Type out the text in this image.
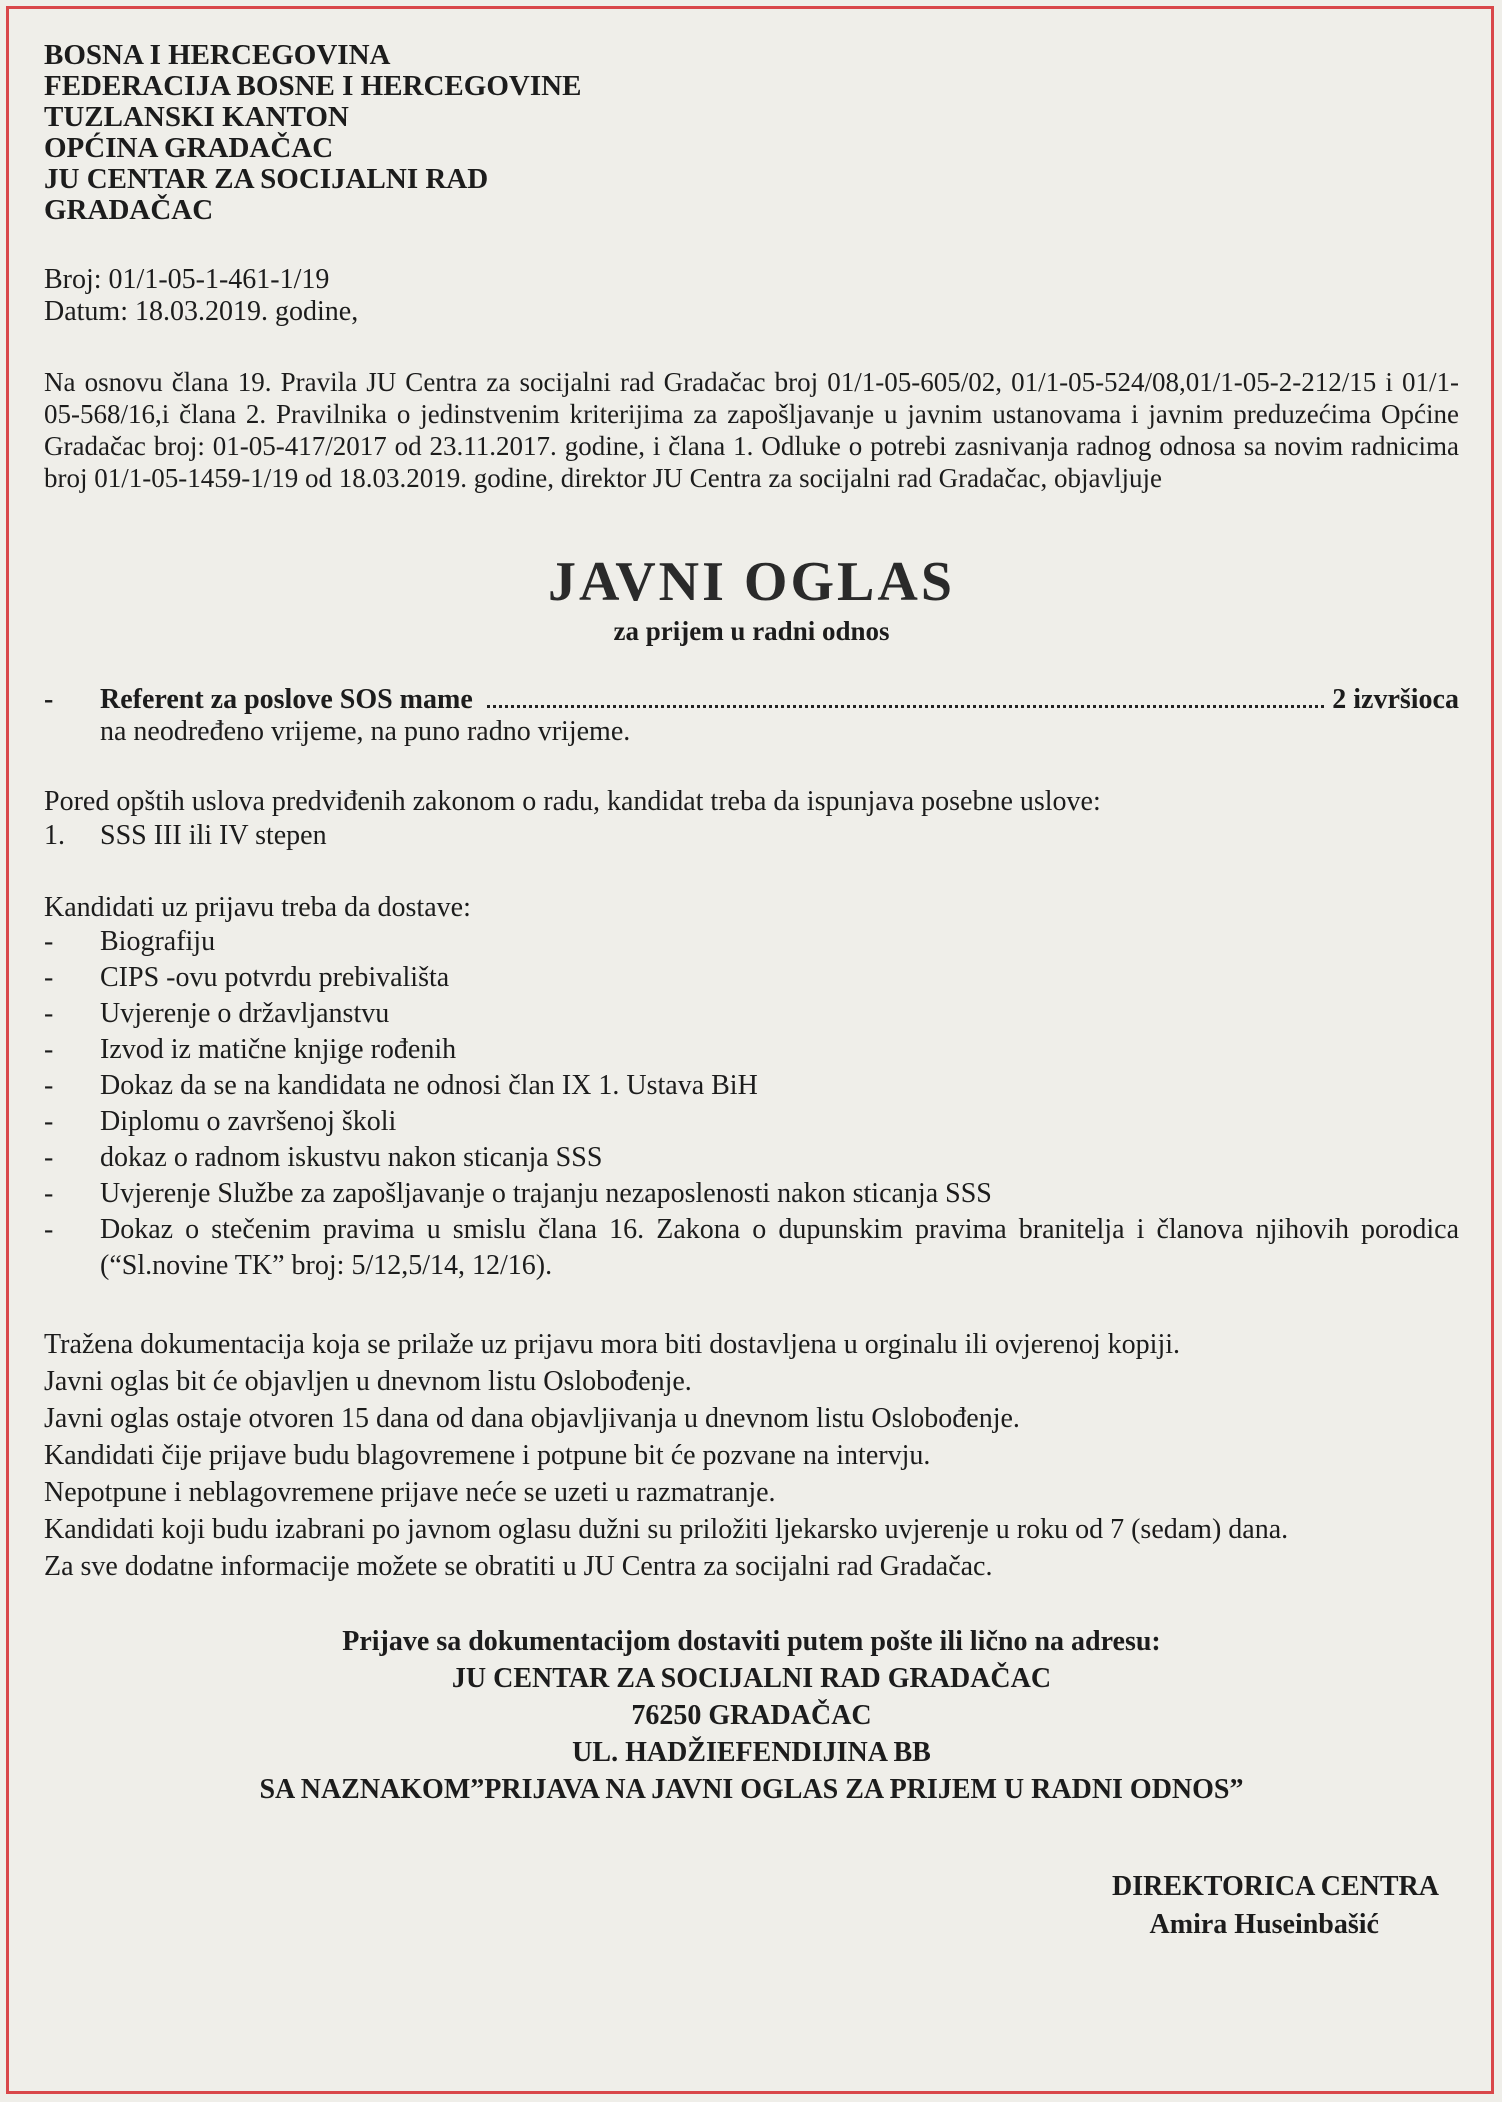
BOSNA I HERCEGOVINA
FEDERACIJA BOSNE I HERCEGOVINE
TUZLANSKI KANTON
OPĆINA GRADAČAC
JU CENTAR ZA SOCIJALNI RAD
GRADAČAC
Broj: 01/1-05-1-461-1/19
Datum: 18.03.2019. godine,
Na osnovu člana 19. Pravila JU Centra za socijalni rad Gradačac broj 01/1-05-605/02, 01/1-05-524/08,01/1-05-2-212/15 i 01/1-05-568/16,i člana 2. Pravilnika o jedinstvenim kriterijima za zapošljavanje u javnim ustanovama i javnim preduzećima Općine Gradačac broj: 01-05-417/2017 od 23.11.2017. godine, i člana 1. Odluke o potrebi zasnivanja radnog odnosa sa novim radnicima broj 01/1-05-1459-1/19 od 18.03.2019. godine, direktor JU Centra za socijalni rad Gradačac, objavljuje
JAVNI OGLAS
za prijem u radni odnos
-	Referent za poslove SOS mame	2 izvršioca
na neodređeno vrijeme, na puno radno vrijeme.
Pored opštih uslova predviđenih zakonom o radu, kandidat treba da ispunjava posebne uslove:
1.	SSS III ili IV stepen
Kandidati uz prijavu treba da dostave:
-	Biografiju
-	CIPS -ovu potvrdu prebivališta
-	Uvjerenje o državljanstvu
-	Izvod iz matične knjige rođenih
-	Dokaz da se na kandidata ne odnosi član IX 1. Ustava BiH
-	Diplomu o završenoj školi
-	dokaz o radnom iskustvu nakon sticanja SSS
-	Uvjerenje Službe za zapošljavanje o trajanju nezaposlenosti nakon sticanja SSS
-	Dokaz o stečenim pravima u smislu člana 16. Zakona o dupunskim pravima branitelja i članova njihovih porodica (“Sl.novine TK” broj: 5/12,5/14, 12/16).
Tražena dokumentacija koja se prilaže uz prijavu mora biti dostavljena u orginalu ili ovjerenoj kopiji.
Javni oglas bit će objavljen u dnevnom listu Oslobođenje.
Javni oglas ostaje otvoren 15 dana od dana objavljivanja u dnevnom listu Oslobođenje.
Kandidati čije prijave budu blagovremene i potpune bit će pozvane na intervju.
Nepotpune i neblagovremene prijave neće se uzeti u razmatranje.
Kandidati koji budu izabrani po javnom oglasu dužni su priložiti ljekarsko uvjerenje u roku od 7 (sedam) dana.
Za sve dodatne informacije možete se obratiti u JU Centra za socijalni rad Gradačac.
Prijave sa dokumentacijom dostaviti putem pošte ili lično na adresu:
JU CENTAR ZA SOCIJALNI RAD GRADAČAC
76250 GRADAČAC
UL. HADŽIEFENDIJINA BB
SA NAZNAKOM”PRIJAVA NA JAVNI OGLAS ZA PRIJEM U RADNI ODNOS”
DIREKTORICA CENTRA
Amira Huseinbašić
